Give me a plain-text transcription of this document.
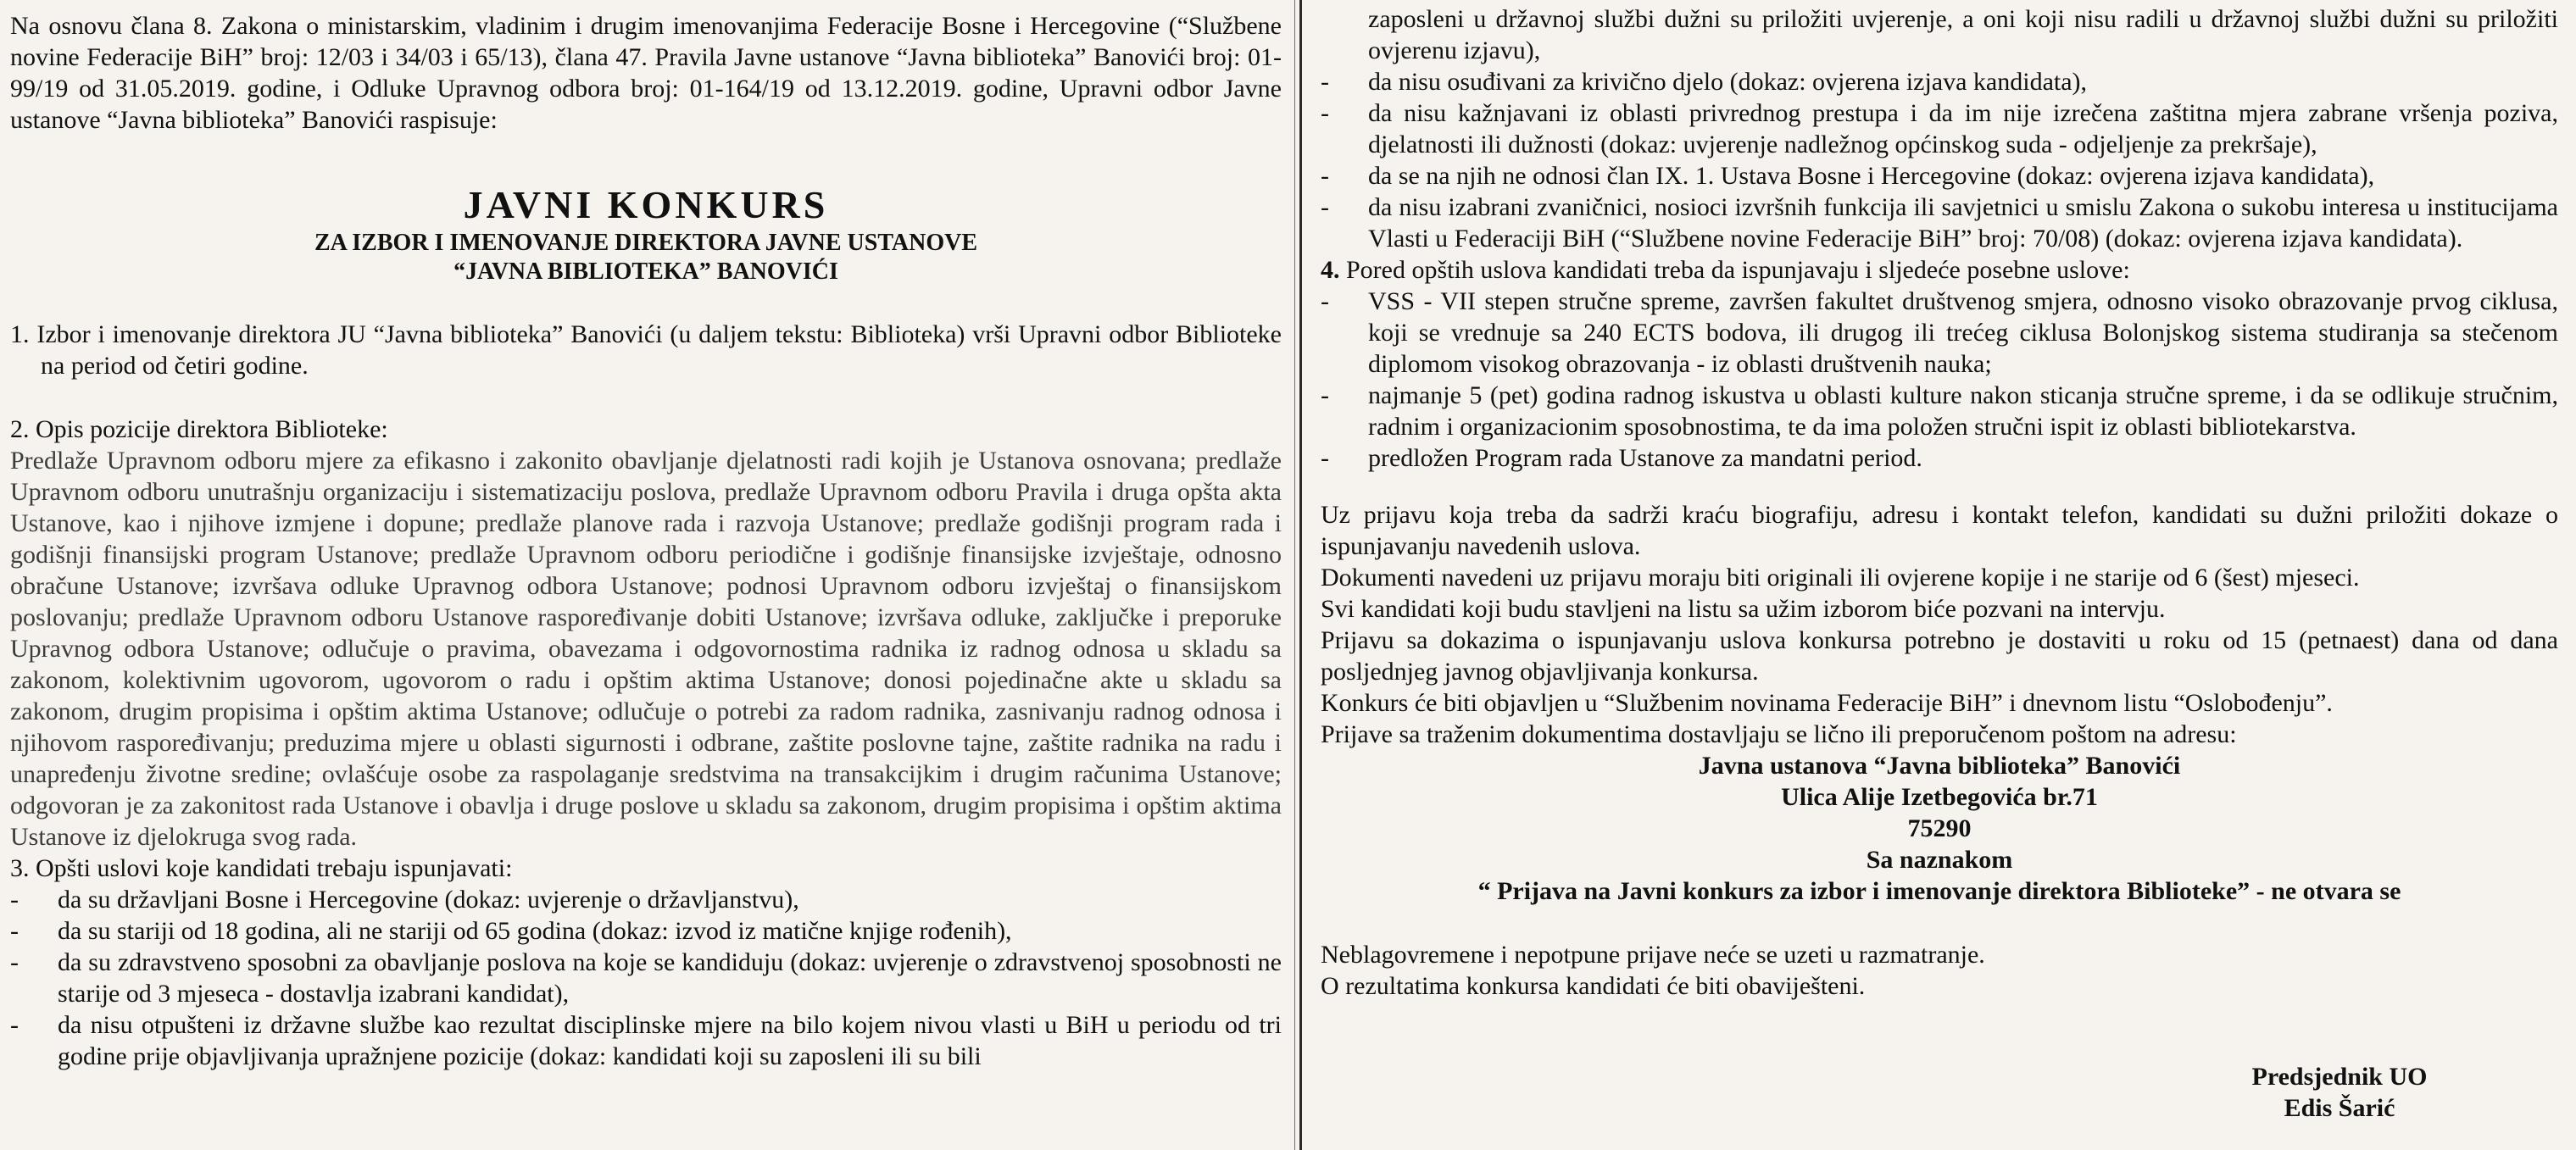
Na osnovu člana 8. Zakona o ministarskim, vladinim i drugim imenovanjima Federacije Bosne i Hercegovine (“Službene novine Federacije BiH” broj: 12/03 i 34/03 i 65/13), člana 47. Pravila Javne ustanove “Javna biblioteka” Banovići broj: 01-99/19 od 31.05.2019. godine, i Odluke Upravnog odbora broj: 01-164/19 od 13.12.2019. godine, Upravni odbor Javne ustanove “Javna biblioteka” Banovići raspisuje:

JAVNI KONKURS
ZA IZBOR I IMENOVANJE DIREKTORA JAVNE USTANOVE
“JAVNA BIBLIOTEKA” BANOVIĆI

1. Izbor i imenovanje direktora JU “Javna biblioteka” Banovići (u daljem tekstu: Biblioteka) vrši Upravni odbor Biblioteke na period od četiri godine.

2. Opis pozicije direktora Biblioteke:

Predlaže Upravnom odboru mjere za efikasno i zakonito obavljanje djelatnosti radi kojih je Ustanova osnovana; predlaže Upravnom odboru unutrašnju organizaciju i sistematizaciju poslova, predlaže Upravnom odboru Pravila i druga opšta akta Ustanove, kao i njihove izmjene i dopune; predlaže planove rada i razvoja Ustanove; predlaže godišnji program rada i godišnji finansijski program Ustanove; predlaže Upravnom odboru periodične i godišnje finansijske izvještaje, odnosno obračune Ustanove; izvršava odluke Upravnog odbora Ustanove; podnosi Upravnom odboru izvještaj o finansijskom poslovanju; predlaže Upravnom odboru Ustanove raspoređivanje dobiti Ustanove; izvršava odluke, zaključke i preporuke Upravnog odbora Ustanove; odlučuje o pravima, obavezama i odgovornostima radnika iz radnog odnosa u skladu sa zakonom, kolektivnim ugovorom, ugovorom o radu i opštim aktima Ustanove; donosi pojedinačne akte u skladu sa zakonom, drugim propisima i opštim aktima Ustanove; odlučuje o potrebi za radom radnika, zasnivanju radnog odnosa i njihovom raspoređivanju; preduzima mjere u oblasti sigurnosti i odbrane, zaštite poslovne tajne, zaštite radnika na radu i unapređenju životne sredine; ovlašćuje osobe za raspolaganje sredstvima na transakcijkim i drugim računima Ustanove; odgovoran je za zakonitost rada Ustanove i obavlja i druge poslove u skladu sa zakonom, drugim propisima i opštim aktima Ustanove iz djelokruga svog rada.

3. Opšti uslovi koje kandidati trebaju ispunjavati:

- da su državljani Bosne i Hercegovine (dokaz: uvjerenje o državljanstvu),
- da su stariji od 18 godina, ali ne stariji od 65 godina (dokaz: izvod iz matične knjige rođenih),
- da su zdravstveno sposobni za obavljanje poslova na koje se kandiduju (dokaz: uvjerenje o zdravstvenoj sposobnosti ne starije od 3 mjeseca - dostavlja izabrani kandidat),
- da nisu otpušteni iz državne službe kao rezultat disciplinske mjere na bilo kojem nivou vlasti u BiH u periodu od tri godine prije objavljivanja upražnjene pozicije (dokaz: kandidati koji su zaposleni ili su bili

zaposleni u državnoj službi dužni su priložiti uvjerenje, a oni koji nisu radili u državnoj službi dužni su priložiti ovjerenu izjavu),

- da nisu osuđivani za krivično djelo (dokaz: ovjerena izjava kandidata),
- da nisu kažnjavani iz oblasti privrednog prestupa i da im nije izrečena zaštitna mjera zabrane vršenja poziva, djelatnosti ili dužnosti (dokaz: uvjerenje nadležnog općinskog suda - odjeljenje za prekršaje),
- da se na njih ne odnosi član IX. 1. Ustava Bosne i Hercegovine (dokaz: ovjerena izjava kandidata),
- da nisu izabrani zvaničnici, nosioci izvršnih funkcija ili savjetnici u smislu Zakona o sukobu interesa u institucijama Vlasti u Federaciji BiH (“Službene novine Federacije BiH” broj: 70/08) (dokaz: ovjerena izjava kandidata).

4. Pored opštih uslova kandidati treba da ispunjavaju i sljedeće posebne uslove:

- VSS - VII stepen stručne spreme, završen fakultet društvenog smjera, odnosno visoko obrazovanje prvog ciklusa, koji se vrednuje sa 240 ECTS bodova, ili drugog ili trećeg ciklusa Bolonjskog sistema studiranja sa stečenom diplomom visokog obrazovanja - iz oblasti društvenih nauka;
- najmanje 5 (pet) godina radnog iskustva u oblasti kulture nakon sticanja stručne spreme, i da se odlikuje stručnim, radnim i organizacionim sposobnostima, te da ima položen stručni ispit iz oblasti bibliotekarstva.
- predložen Program rada Ustanove za mandatni period.

Uz prijavu koja treba da sadrži kraću biografiju, adresu i kontakt telefon, kandidati su dužni priložiti dokaze o ispunjavanju navedenih uslova.

Dokumenti navedeni uz prijavu moraju biti originali ili ovjerene kopije i ne starije od 6 (šest) mjeseci.

Svi kandidati koji budu stavljeni na listu sa užim izborom biće pozvani na intervju.

Prijavu sa dokazima o ispunjavanju uslova konkursa potrebno je dostaviti u roku od 15 (petnaest) dana od dana posljednjeg javnog objavljivanja konkursa.

Konkurs će biti objavljen u “Službenim novinama Federacije BiH” i dnevnom listu “Oslobođenju”.

Prijave sa traženim dokumentima dostavljaju se lično ili preporučenom poštom na adresu:

Javna ustanova “Javna biblioteka” Banovići

Ulica Alije Izetbegovića br.71

75290

Sa naznakom

“ Prijava na Javni konkurs za izbor i imenovanje direktora Biblioteke” - ne otvara se

Neblagovremene i nepotpune prijave neće se uzeti u razmatranje.

O rezultatima konkursa kandidati će biti obaviješteni.

Predsjednik UO
Edis Šarić
